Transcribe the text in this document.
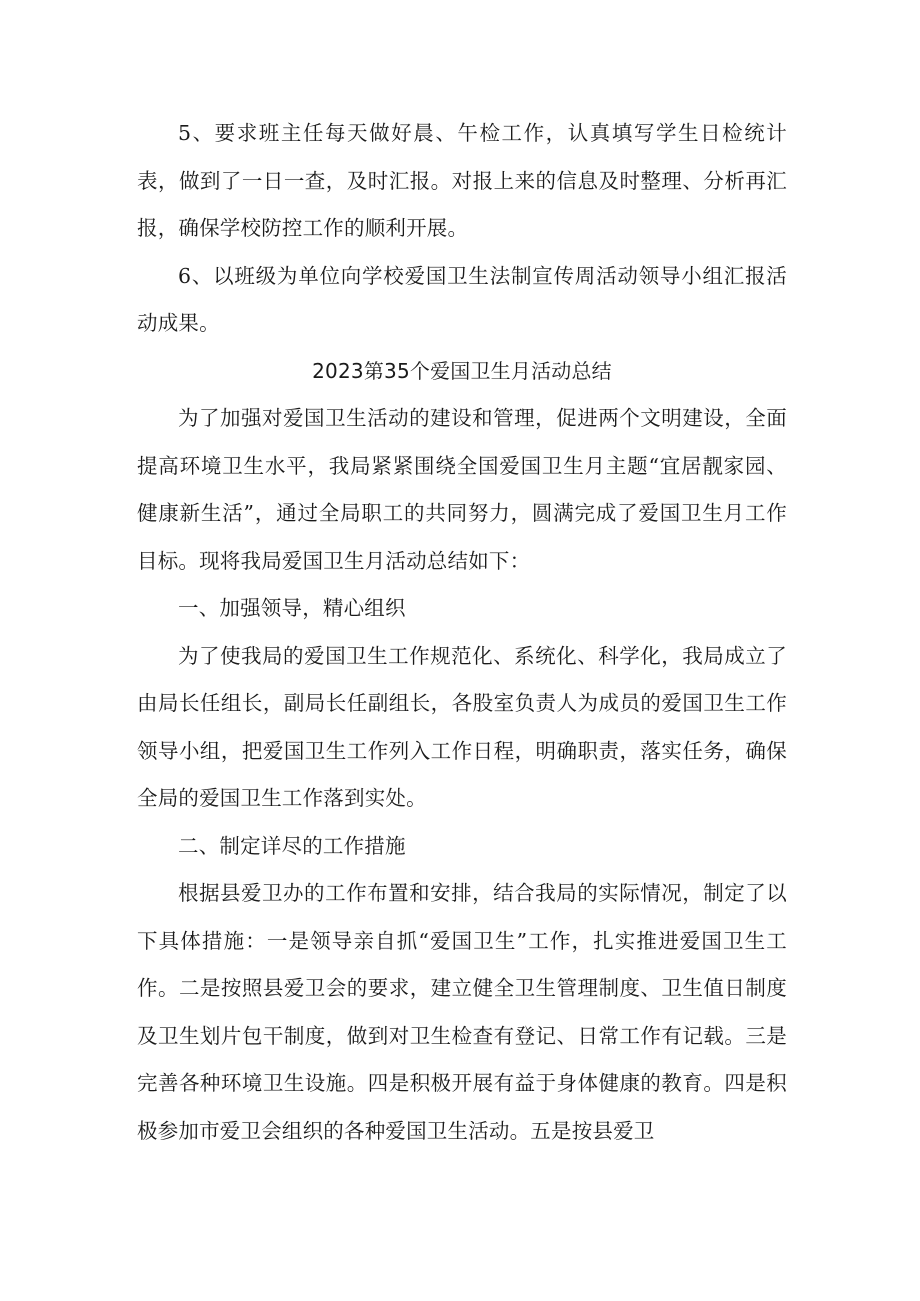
5、要求班主任每天做好晨、午检工作，认真填写学生日检统计表，做到了一日一查，及时汇报。对报上来的信息及时整理、分析再汇报，确保学校防控工作的顺利开展。

6、以班级为单位向学校爱国卫生法制宣传周活动领导小组汇报活动成果。

2023第35个爱国卫生月活动总结

为了加强对爱国卫生活动的建设和管理，促进两个文明建设，全面提高环境卫生水平，我局紧紧围绕全国爱国卫生月主题“宜居靓家园、健康新生活”，通过全局职工的共同努力，圆满完成了爱国卫生月工作目标。现将我局爱国卫生月活动总结如下：

一、加强领导，精心组织

为了使我局的爱国卫生工作规范化、系统化、科学化，我局成立了由局长任组长，副局长任副组长，各股室负责人为成员的爱国卫生工作领导小组，把爱国卫生工作列入工作日程，明确职责，落实任务，确保全局的爱国卫生工作落到实处。

二、制定详尽的工作措施

根据县爱卫办的工作布置和安排，结合我局的实际情况，制定了以下具体措施：一是领导亲自抓“爱国卫生”工作，扎实推进爱国卫生工作。二是按照县爱卫会的要求，建立健全卫生管理制度、卫生值日制度及卫生划片包干制度，做到对卫生检查有登记、日常工作有记载。三是完善各种环境卫生设施。四是积极开展有益于身体健康的教育。四是积极参加市爱卫会组织的各种爱国卫生活动。五是按县爱卫
